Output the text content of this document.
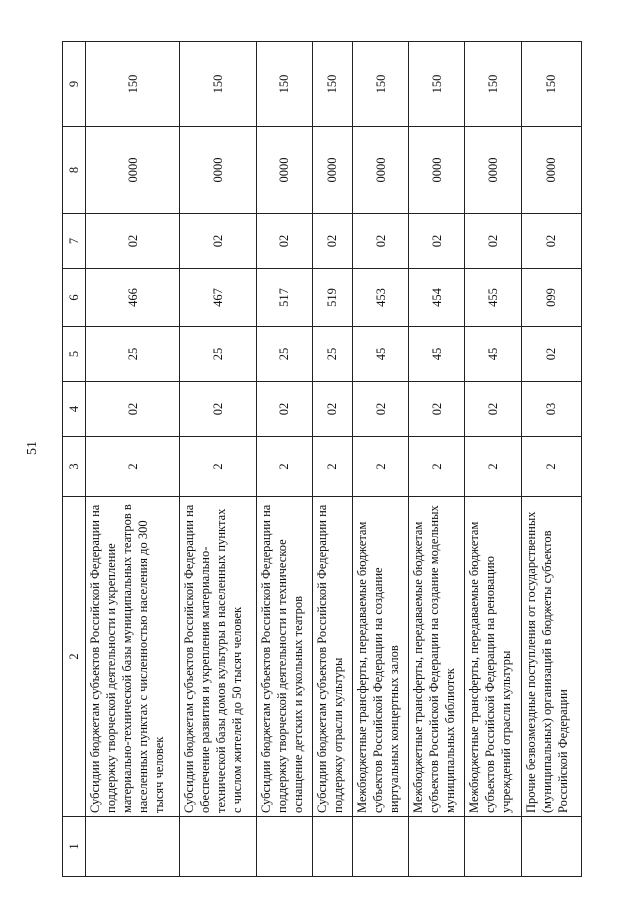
51
1	2	3	4	5	6	7	8	9
	Субсидии бюджетам субъектов Российской Федерации на поддержку творческой деятельности и укрепление материально-технической базы муниципальных театров в населенных пунктах с численностью населения до 300 тысяч человек	2	02	25	466	02	0000	150
	Субсидии бюджетам субъектов Российской Федерации на обеспечение развития и укрепления материально-технической базы домов культуры в населенных пунктах с числом жителей до 50 тысяч человек	2	02	25	467	02	0000	150
	Субсидии бюджетам субъектов Российской Федерации на поддержку творческой деятельности и техническое оснащение детских и кукольных театров	2	02	25	517	02	0000	150
	Субсидии бюджетам субъектов Российской Федерации на поддержку отрасли культуры	2	02	25	519	02	0000	150
	Межбюджетные трансферты, передаваемые бюджетам субъектов Российской Федерации на создание виртуальных концертных залов	2	02	45	453	02	0000	150
	Межбюджетные трансферты, передаваемые бюджетам субъектов Российской Федерации на создание модельных муниципальных библиотек	2	02	45	454	02	0000	150
	Межбюджетные трансферты, передаваемые бюджетам субъектов Российской Федерации на реновацию учреждений отрасли культуры	2	02	45	455	02	0000	150
	Прочие безвозмездные поступления от государственных (муниципальных) организаций в бюджеты субъектов Российской Федерации	2	03	02	099	02	0000	150
